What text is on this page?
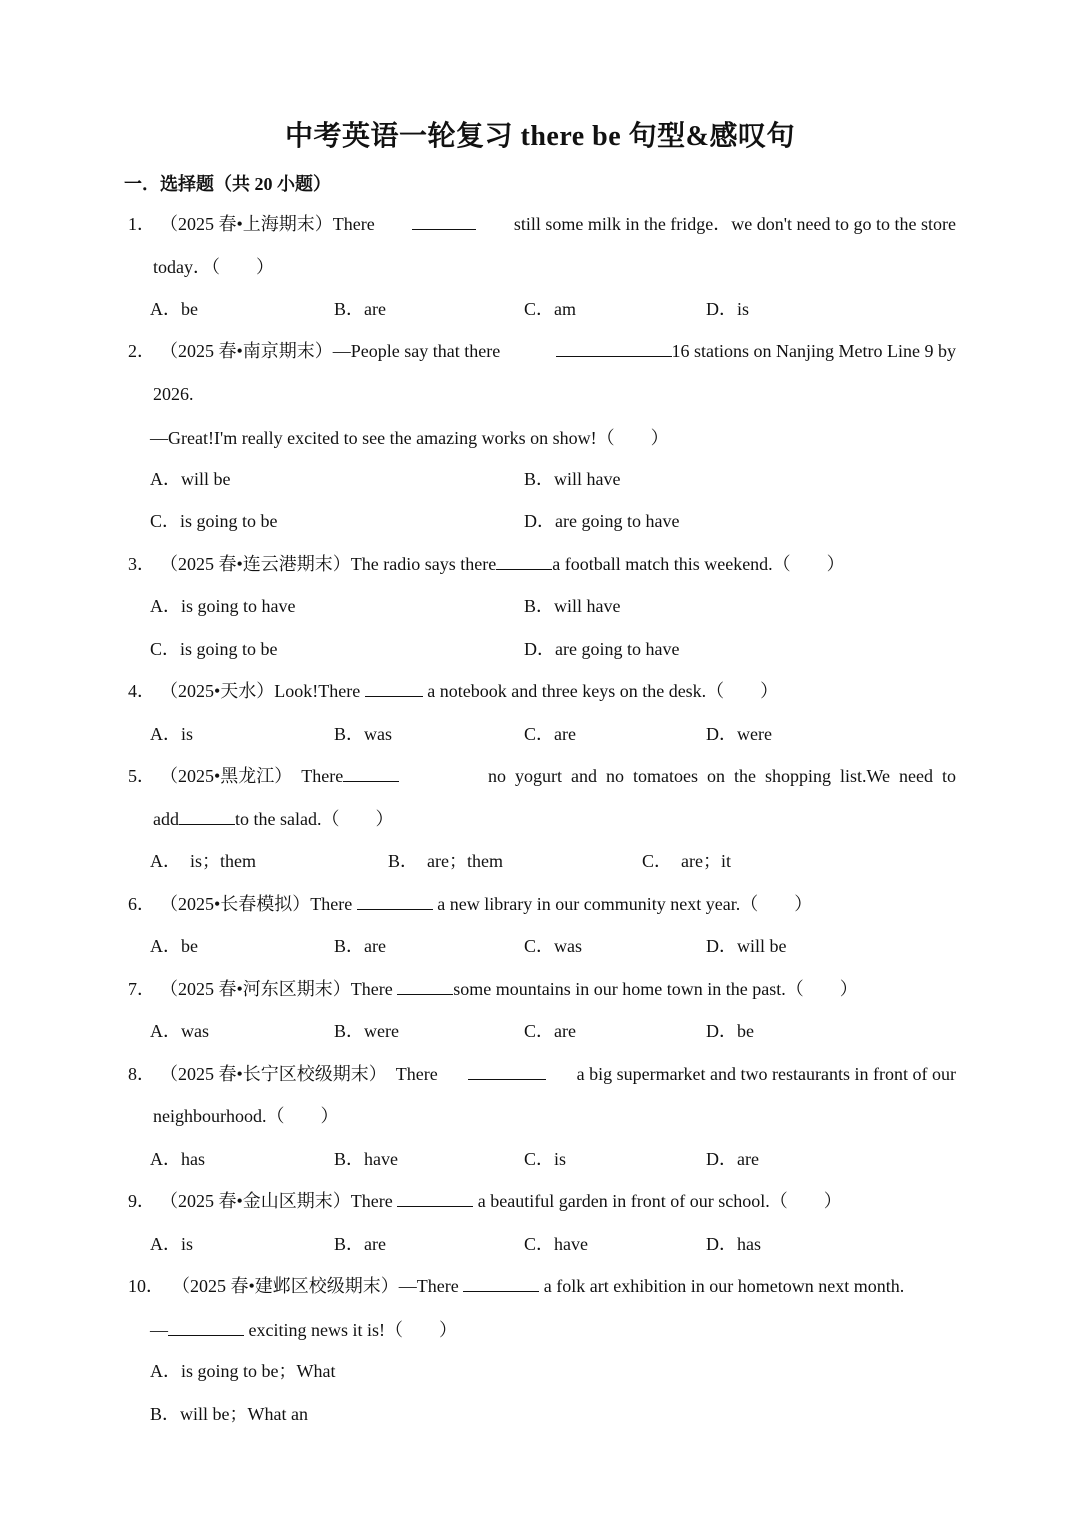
中考英语一轮复习 there be 句型&感叹句
一．选择题（共 20 小题）
1． （2025 春•上海期末）There	still some milk in the fridge．we don't need to go to the store
today．（　　）
A．be	B．are	C．am	D．is
2． （2025 春•南京期末）—People say that there	16 stations on Nanjing Metro Line 9 by
2026.
—Great!I'm really excited to see the amazing works on show!（　　）
A．will be	B．will have
C．is going to be	D．are going to have
3． （2025 春•连云港期末）The radio says there	a football match this weekend.（　　）
A．is going to have	B．will have
C．is going to be	D．are going to have
4． （2025•天水）Look!There	a notebook and three keys on the desk.（　　）
A．is	B．was	C．are	D．were
5． （2025•黑龙江）  There	no  yogurt  and  no  tomatoes  on  the  shopping  list.We  need  to
add	to the salad.（　　）
A．　is；them	B．　are；them	C．　are；it
6． （2025•长春模拟）There	a new library in our community next year.（　　）
A．be	B．are	C．was	D．will be
7． （2025 春•河东区期末）There	some mountains in our home town in the past.（　　）
A．was	B．were	C．are	D．be
8． （2025 春•长宁区校级期末）  There	a big supermarket and two restaurants in front of our
neighbourhood.（　　）
A．has	B．have	C．is	D．are
9． （2025 春•金山区期末）There	a beautiful garden in front of our school.（　　）
A．is	B．are	C．have	D．has
10． （2025 春•建邺区校级期末）—There	a folk art exhibition in our hometown next month.
—	exciting news it is!（　　）
A．is going to be；What
B．will be；What an
